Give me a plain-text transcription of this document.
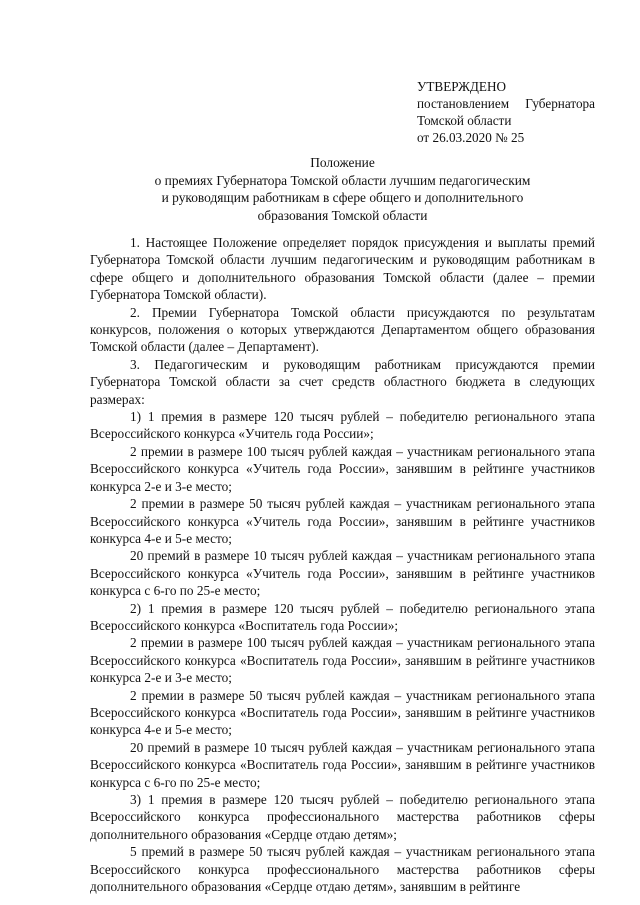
УТВЕРЖДЕНО
постановлением Губернатора
Томской области
от 26.03.2020 № 25
Положение
о премиях Губернатора Томской области лучшим педагогическим
и руководящим работникам в сфере общего и дополнительного
образования Томской области

1. Настоящее Положение определяет порядок присуждения и выплаты премий Губернатора Томской области лучшим педагогическим и руководящим работникам в сфере общего и дополнительного образования Томской области (далее – премии Губернатора Томской области).

2. Премии Губернатора Томской области присуждаются по результатам конкурсов, положения о которых утверждаются Департаментом общего образования Томской области (далее – Департамент).

3. Педагогическим и руководящим работникам присуждаются премии Губернатора Томской области за счет средств областного бюджета в следующих размерах:

1) 1 премия в размере 120 тысяч рублей – победителю регионального этапа Всероссийского конкурса «Учитель года России»;

2 премии в размере 100 тысяч рублей каждая – участникам регионального этапа Всероссийского конкурса «Учитель года России», занявшим в рейтинге участников конкурса 2-е и 3-е место;

2 премии в размере 50 тысяч рублей каждая – участникам регионального этапа Всероссийского конкурса «Учитель года России», занявшим в рейтинге участников конкурса 4-е и 5-е место;

20 премий в размере 10 тысяч рублей каждая – участникам регионального этапа Всероссийского конкурса «Учитель года России», занявшим в рейтинге участников конкурса с 6-го по 25-е место;

2) 1 премия в размере 120 тысяч рублей – победителю регионального этапа Всероссийского конкурса «Воспитатель года России»;

2 премии в размере 100 тысяч рублей каждая – участникам регионального этапа Всероссийского конкурса «Воспитатель года России», занявшим в рейтинге участников конкурса 2-е и 3-е место;

2 премии в размере 50 тысяч рублей каждая – участникам регионального этапа Всероссийского конкурса «Воспитатель года России», занявшим в рейтинге участников конкурса 4-е и 5-е место;

20 премий в размере 10 тысяч рублей каждая – участникам регионального этапа Всероссийского конкурса «Воспитатель года России», занявшим в рейтинге участников конкурса с 6-го по 25-е место;

3) 1 премия в размере 120 тысяч рублей – победителю регионального этапа Всероссийского конкурса профессионального мастерства работников сферы дополнительного образования «Сердце отдаю детям»;

5 премий в размере 50 тысяч рублей каждая – участникам регионального этапа Всероссийского конкурса профессионального мастерства работников сферы дополнительного образования «Сердце отдаю детям», занявшим в рейтинге
